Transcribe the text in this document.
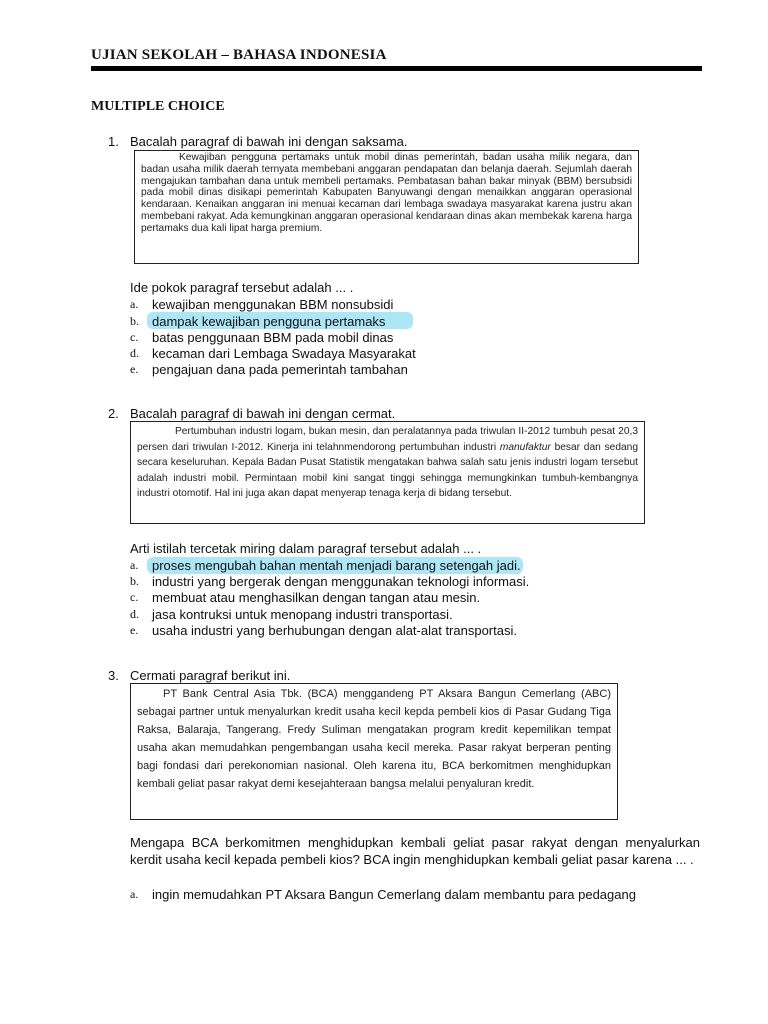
UJIAN SEKOLAH – BAHASA INDONESIA
MULTIPLE CHOICE
1. Bacalah paragraf di bawah ini dengan saksama.

Kewajiban pengguna pertamaks untuk mobil dinas pemerintah, badan usaha milik negara, dan badan usaha milik daerah ternyata membebani anggaran pendapatan dan belanja daerah. Sejumlah daerah mengajukan tambahan dana untuk membeli pertamaks. Pembatasan bahan bakar minyak (BBM) bersubsidi pada mobil dinas disikapi pemerintah Kabupaten Banyuwangi dengan menaikkan anggaran operasional kendaraan. Kenaikan anggaran ini menuai kecaman dari lembaga swadaya masyarakat karena justru akan membebani rakyat. Ada kemungkinan anggaran operasional kendaraan dinas akan membekak karena harga pertamaks dua kali lipat harga premium.

Ide pokok paragraf tersebut adalah ... .
a. kewajiban menggunakan BBM nonsubsidi
b. dampak kewajiban pengguna pertamaks
c. batas penggunaan BBM pada mobil dinas
d. kecaman dari Lembaga Swadaya Masyarakat
e. pengajuan dana pada pemerintah tambahan
2. Bacalah paragraf di bawah ini dengan cermat.

Pertumbuhan industri logam, bukan mesin, dan peralatannya pada triwulan II-2012 tumbuh pesat 20,3 persen dari triwulan I-2012. Kinerja ini telahnmendorong pertumbuhan industri manufaktur besar dan sedang secara keseluruhan. Kepala Badan Pusat Statistik mengatakan bahwa salah satu jenis industri logam tersebut adalah industri mobil. Permintaan mobil kini sangat tinggi sehingga memungkinkan tumbuh-kembangnya industri otomotif. Hal ini juga akan dapat menyerap tenaga kerja di bidang tersebut.

Arti istilah tercetak miring dalam paragraf tersebut adalah ... .
a. proses mengubah bahan mentah menjadi barang setengah jadi.
b. industri yang bergerak dengan menggunakan teknologi informasi.
c. membuat atau menghasilkan dengan tangan atau mesin.
d. jasa kontruksi untuk menopang industri transportasi.
e. usaha industri yang berhubungan dengan alat-alat transportasi.
3. Cermati paragraf berikut ini.

PT Bank Central Asia Tbk. (BCA) menggandeng PT Aksara Bangun Cemerlang (ABC) sebagai partner untuk menyalurkan kredit usaha kecil kepda pembeli kios di Pasar Gudang Tiga Raksa, Balaraja, Tangerang. Fredy Suliman mengatakan program kredit kepemilikan tempat usaha akan memudahkan pengembangan usaha kecil mereka. Pasar rakyat berperan penting bagi fondasi dari perekonomian nasional. Oleh karena itu, BCA berkomitmen menghidupkan kembali geliat pasar rakyat demi kesejahteraan bangsa melalui penyaluran kredit.

Mengapa BCA berkomitmen menghidupkan kembali geliat pasar rakyat dengan menyalurkan kerdit usaha kecil kepada pembeli kios? BCA ingin menghidupkan kembali geliat pasar karena ... .
a. ingin memudahkan PT Aksara Bangun Cemerlang dalam membantu para pedagang
